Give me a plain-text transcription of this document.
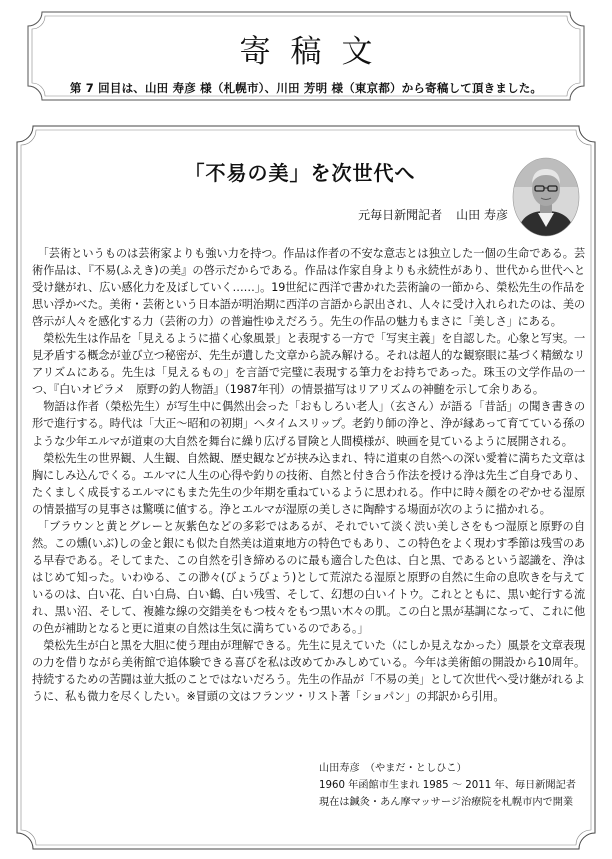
寄稿文
第 7 回目は、山田 寿彦 様（札幌市）、川田 芳明 様（東京都）から寄稿して頂きました。
「不易の美」を次世代へ
元毎日新聞記者 山田 寿彦

「芸術というものは芸術家よりも強い力を持つ。作品は作者の不安な意志とは独立した一個の生命である。芸術作品は、『不易(ふえき)の美』の啓示だからである。作品は作家自身よりも永続性があり、世代から世代へと受け継がれ、広い感化力を及ぼしていく……」。19世紀に西洋で書かれた芸術論の一節から、榮松先生の作品を思い浮かべた。美術・芸術という日本語が明治期に西洋の言語から訳出され、人々に受け入れられたのは、美の啓示が人々を感化する力（芸術の力）の普遍性ゆえだろう。先生の作品の魅力もまさに「美しさ」にある。

榮松先生は作品を「見えるように描く心象風景」と表現する一方で「写実主義」を自認した。心象と写実。一見矛盾する概念が並び立つ秘密が、先生が遺した文章から読み解ける。それは超人的な観察眼に基づく精緻なリアリズムにある。先生は「見えるもの」を言語で完璧に表現する筆力をお持ちであった。珠玉の文学作品の一つ、『白いオピラメ　原野の釣人物語』（1987年刊）の情景描写はリアリズムの神髄を示して余りある。

物語は作者（榮松先生）が写生中に偶然出会った「おもしろい老人」（玄さん）が語る「昔話」の聞き書きの形で進行する。時代は「大正～昭和の初期」へタイムスリップ。老釣り師の浄と、浄が縁あって育てている孫のような少年エルマが道東の大自然を舞台に繰り広げる冒険と人間模様が、映画を見ているように展開される。

榮松先生の世界観、人生観、自然観、歴史観などが挟み込まれ、特に道東の自然への深い愛着に満ちた文章は胸にしみ込んでくる。エルマに人生の心得や釣りの技術、自然と付き合う作法を授ける浄は先生ご自身であり、たくましく成長するエルマにもまた先生の少年期を重ねているように思われる。作中に時々顔をのぞかせる湿原の情景描写の見事さは驚嘆に値する。浄とエルマが湿原の美しさに陶酔する場面が次のように描かれる。

「ブラウンと黄とグレーと灰紫色などの多彩ではあるが、それでいて淡く渋い美しさをもつ湿原と原野の自然。この燻(いぶ)しの金と銀にも似た自然美は道東地方の特色でもあり、この特色をよく現わす季節は残雪のある早春である。そしてまた、この自然を引き締めるのに最も適合した色は、白と黒、であるという認識を、浄ははじめて知った。いわゆる、この渺々(びょうびょう)として荒涼たる湿原と原野の自然に生命の息吹きを与えているのは、白い花、白い白鳥、白い鶴、白い残雪、そして、幻想の白いイトウ。これとともに、黒い蛇行する流れ、黒い沼、そして、複雑な線の交錯美をもつ枝々をもつ黒い木々の肌。この白と黒が基調になって、これに他の色が補助となると更に道東の自然は生気に満ちているのである。」

榮松先生が白と黒を大胆に使う理由が理解できる。先生に見えていた（にしか見えなかった）風景を文章表現の力を借りながら美術館で追体験できる喜びを私は改めてかみしめている。今年は美術館の開設から10周年。持続するための苦闘は並大抵のことではないだろう。先生の作品が「不易の美」として次世代へ受け継がれるように、私も微力を尽くしたい。※冒頭の文はフランツ・リスト著「ショパン」の邦訳から引用。

山田寿彦　（やまだ・としひこ）

1960 年函館市生まれ 1985 ～ 2011 年、毎日新聞記者

現在は鍼灸・あん摩マッサージ治療院を札幌市内で開業
